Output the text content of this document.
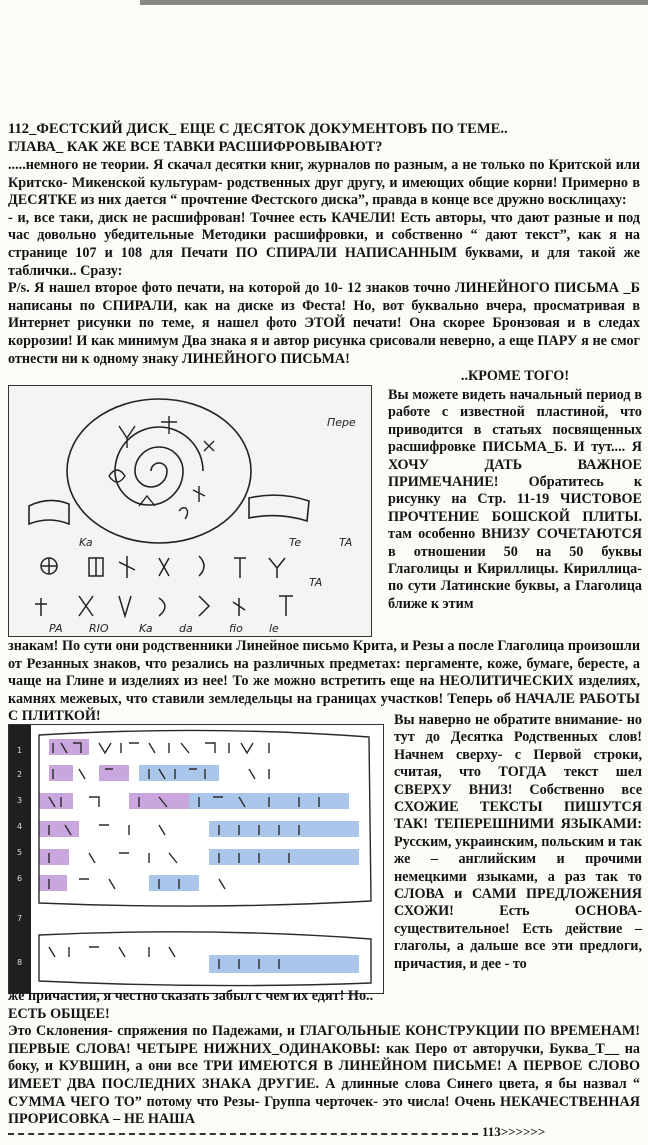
112_ФЕСТСКИЙ ДИСК_ ЕЩЕ С ДЕСЯТОК ДОКУМЕНТОВЪ ПО ТЕМЕ..
ГЛАВА_ КАК ЖЕ ВСЕ ТАВКИ РАСШИФРОВЫВАЮТ?

.....немного не теории. Я скачал десятки книг, журналов по разным, а не только по Критской или Критско- Микенской культурам- родственных друг другу, и имеющих общие корни! Примерно в ДЕСЯТКЕ из них дается “ прочтение Фестского диска”, правда в конце все дружно восклицаху:

- и, все таки, диск не расшифрован! Точнее есть КАЧЕЛИ! Есть авторы, что дают разные и под час довольно убедительные Методики расшифровки, и собственно “ дают текст”, как я на странице 107 и 108 для Печати ПО СПИРАЛИ НАПИСАННЫМ буквами, и для такой же таблички.. Сразу:

P/s. Я нашел второе фото печати, на которой до 10- 12 знаков точно ЛИНЕЙНОГО ПИСЬМА _Б написаны по СПИРАЛИ, как на диске из Феста! Но, вот буквально вчера, просматривая в Интернет рисунки по теме, я нашел фото ЭТОЙ печати! Она скорее Бронзовая и в следах коррозии! И как минимум Два знака я и автор рисунка срисовали неверно, а еще ПАРУ я не смог отнести ни к одному знаку ЛИНЕЙНОГО ПИСЬМА!

..КРОМЕ ТОГО!
Ka
PA RIO	Ka da	fio le
Te
TA
TA
Пере
Вы можете видеть начальный период в работе с известной пластиной, что приводится в статьях посвященных расшифровке ПИСЬМА_Б. И тут.... Я ХОЧУ ДАТЬ ВАЖНОЕ ПРИМЕЧАНИЕ! Обратитесь к рисунку на Стр. 11-19 ЧИСТОВОЕ ПРОЧТЕНИЕ БОШСКОЙ ПЛИТЫ. там особенно ВНИЗУ СОЧЕТАЮТСЯ в отношении 50 на 50 буквы Глаголицы и Кириллицы. Кириллица- по сути Латинские буквы, а Глаголица ближе к этим
знакам! По сути они родственники Линейное письмо Крита, и Резы а после Глаголица произошли от Резанных знаков, что резались на различных предметах: пергаменте, коже, бумаге, бересте, а чаще на Глине и изделиях из нее! То же можно встретить еще на НЕОЛИТИЧЕСКИХ изделиях, камнях межевых, что ставили земледельцы на границах участков! Теперь об НАЧАЛЕ РАБОТЫ С ПЛИТКОЙ!
1
2
3
4
5
6
7
8
Вы наверно не обратите внимание- но тут до Десятка Родственных слов! Начнем сверху- с Первой строки, считая, что ТОГДА текст шел СВЕРХУ ВНИЗ! Собственно все СХОЖИЕ ТЕКСТЫ ПИШУТСЯ ТАК! ТЕПЕРЕШНИМИ ЯЗЫКАМИ: Русским, украинским, польским и так же – английским и прочими немецкими языками, а раз так то СЛОВА и САМИ ПРЕДЛОЖЕНИЯ СХОЖИ! Есть ОСНОВА- существительное! Есть действие – глаголы, а дальше все эти предлоги, причастия, и дее - то

же причастия, я честно сказать забыл с чем их едят! Но..

ЕСТЬ ОБЩЕЕ!

Это Склонения- спряжения по Падежами, и ГЛАГОЛЬНЫЕ КОНСТРУКЦИИ ПО ВРЕМЕНАМ! ПЕРВЫЕ СЛОВА! ЧЕТЫРЕ НИЖНИХ_ОДИНАКОВЫ: как Перо от авторучки, Буква_Т__ на боку, и КУВШИН, а они все ТРИ ИМЕЮТСЯ В ЛИНЕЙНОМ ПИСЬМЕ! А ПЕРВОЕ СЛОВО ИМЕЕТ ДВА ПОСЛЕДНИХ ЗНАКА ДРУГИЕ. А длинные слова Синего цвета, я бы назвал “ СУММА ЧЕГО ТО” потому что Резы- Группа черточек- это числа! Очень НЕКАЧЕСТВЕННАЯ ПРОРИСОВКА – НЕ НАША

113>>>>>>
